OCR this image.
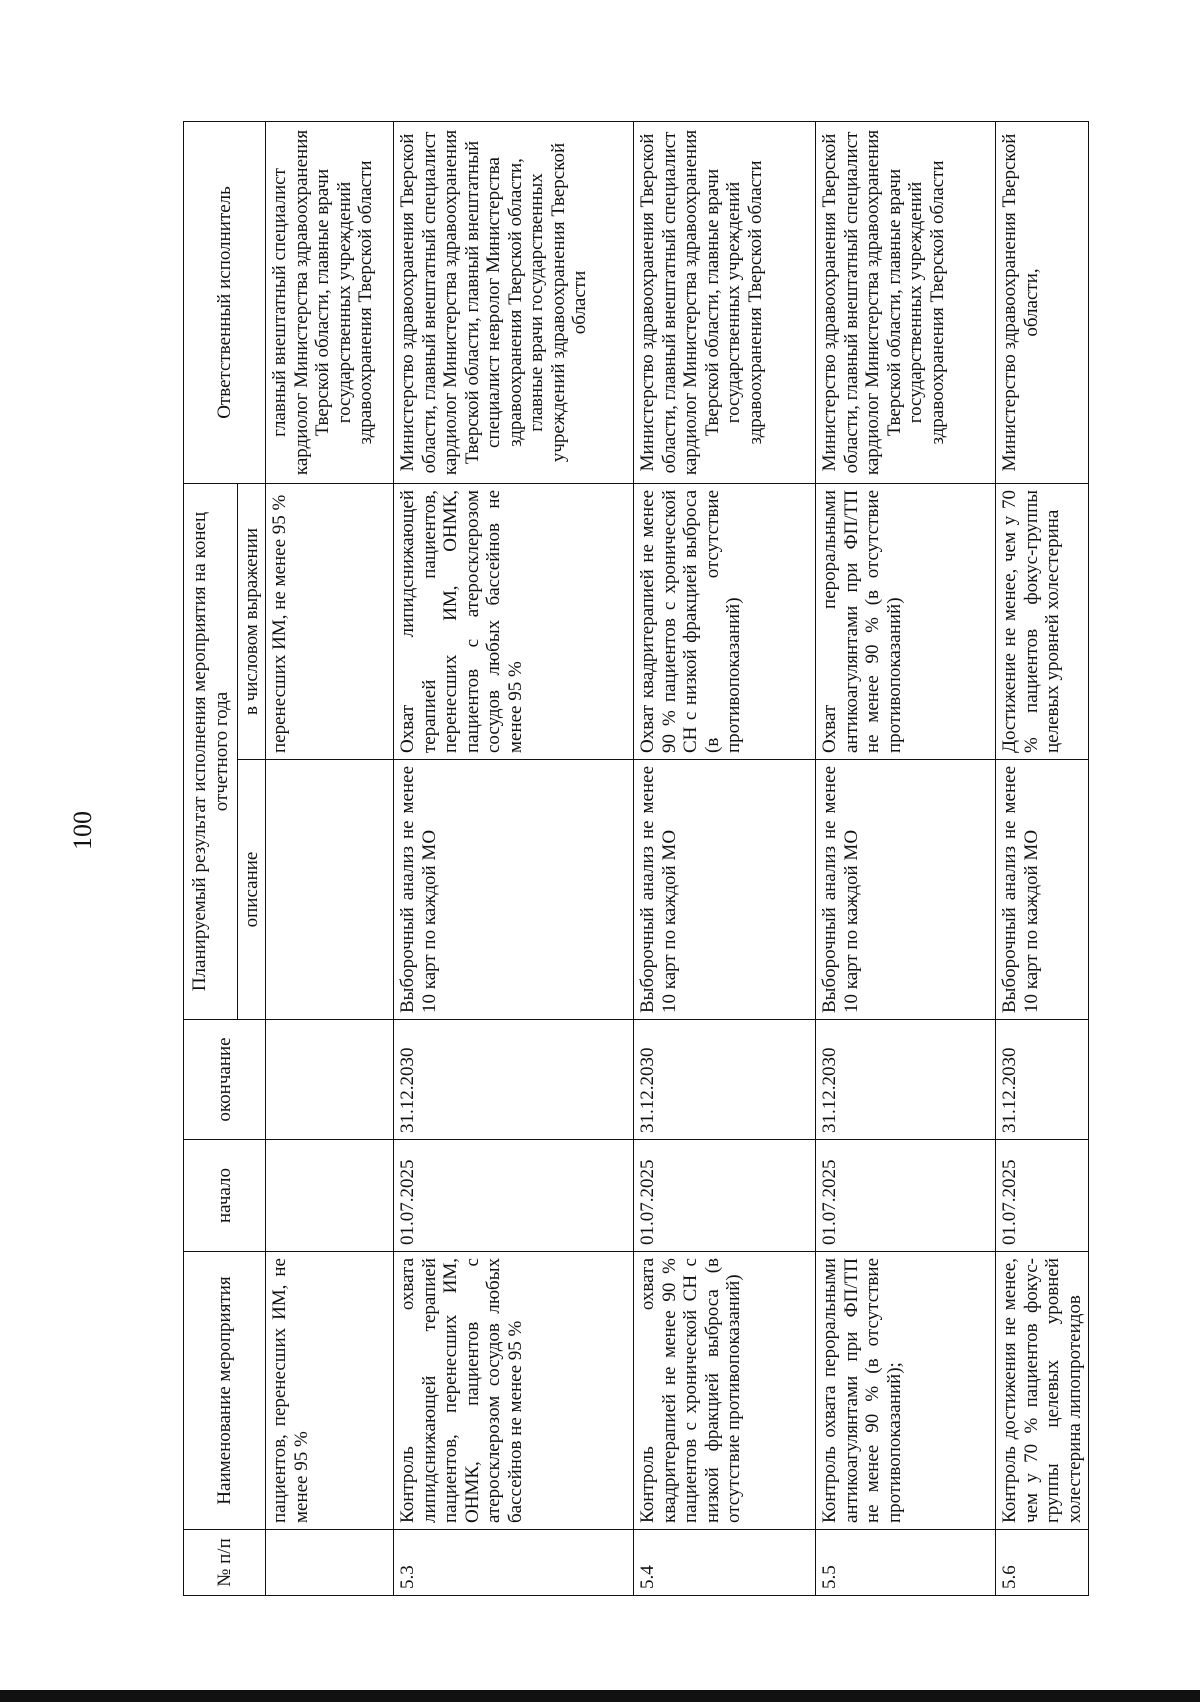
100
№ п/п	Наименование мероприятия	начало	окончание	Планируемый результат исполнения мероприятия на конец отчетного года		Ответственный исполнитель
				описание	в числовом выражении	
	пациентов, перенесших ИМ, не менее 95 %				перенесших ИМ, не менее 95 %	главный внештатный специалист кардиолог Министерства здравоохранения Тверской области, главные врачи государственных учреждений здравоохранения Тверской области
5.3	Контроль охвата липидснижающей терапией пациентов, перенесших ИМ, ОНМК, пациентов с атеросклерозом сосудов любых бассейнов не менее 95 %	01.07.2025	31.12.2030	Выборочный анализ не менее 10 карт по каждой МО	Охват липидснижающей терапией пациентов, перенесших ИМ, ОНМК, пациентов с атеросклерозом сосудов любых бассейнов не менее 95 %	Министерство здравоохранения Тверской области, главный внештатный специалист кардиолог Министерства здравоохранения Тверской области, главный внештатный специалист невролог Министерства здравоохранения Тверской области, главные врачи государственных учреждений здравоохранения Тверской области
5.4	Контроль охвата квадритерапией не менее 90 % пациентов с хронической СН с низкой фракцией выброса (в отсутствие противопоказаний)	01.07.2025	31.12.2030	Выборочный анализ не менее 10 карт по каждой МО	Охват квадритерапией не менее 90 % пациентов с хронической СН с низкой фракцией выброса (в отсутствие противопоказаний)	Министерство здравоохранения Тверской области, главный внештатный специалист кардиолог Министерства здравоохранения Тверской области, главные врачи государственных учреждений здравоохранения Тверской области
5.5	Контроль охвата пероральными антикоагулянтами при ФП/ТП не менее 90 % (в отсутствие противопоказаний);	01.07.2025	31.12.2030	Выборочный анализ не менее 10 карт по каждой МО	Охват пероральными антикоагулянтами при ФП/ТП не менее 90 % (в отсутствие противопоказаний)	Министерство здравоохранения Тверской области, главный внештатный специалист кардиолог Министерства здравоохранения Тверской области, главные врачи государственных учреждений здравоохранения Тверской области
5.6	Контроль достижения не менее, чем у 70 % пациентов фокус-группы целевых уровней холестерина липопротеидов	01.07.2025	31.12.2030	Выборочный анализ не менее 10 карт по каждой МО	Достижение не менее, чем у 70 % пациентов фокус-группы целевых уровней холестерина	Министерство здравоохранения Тверской области,
